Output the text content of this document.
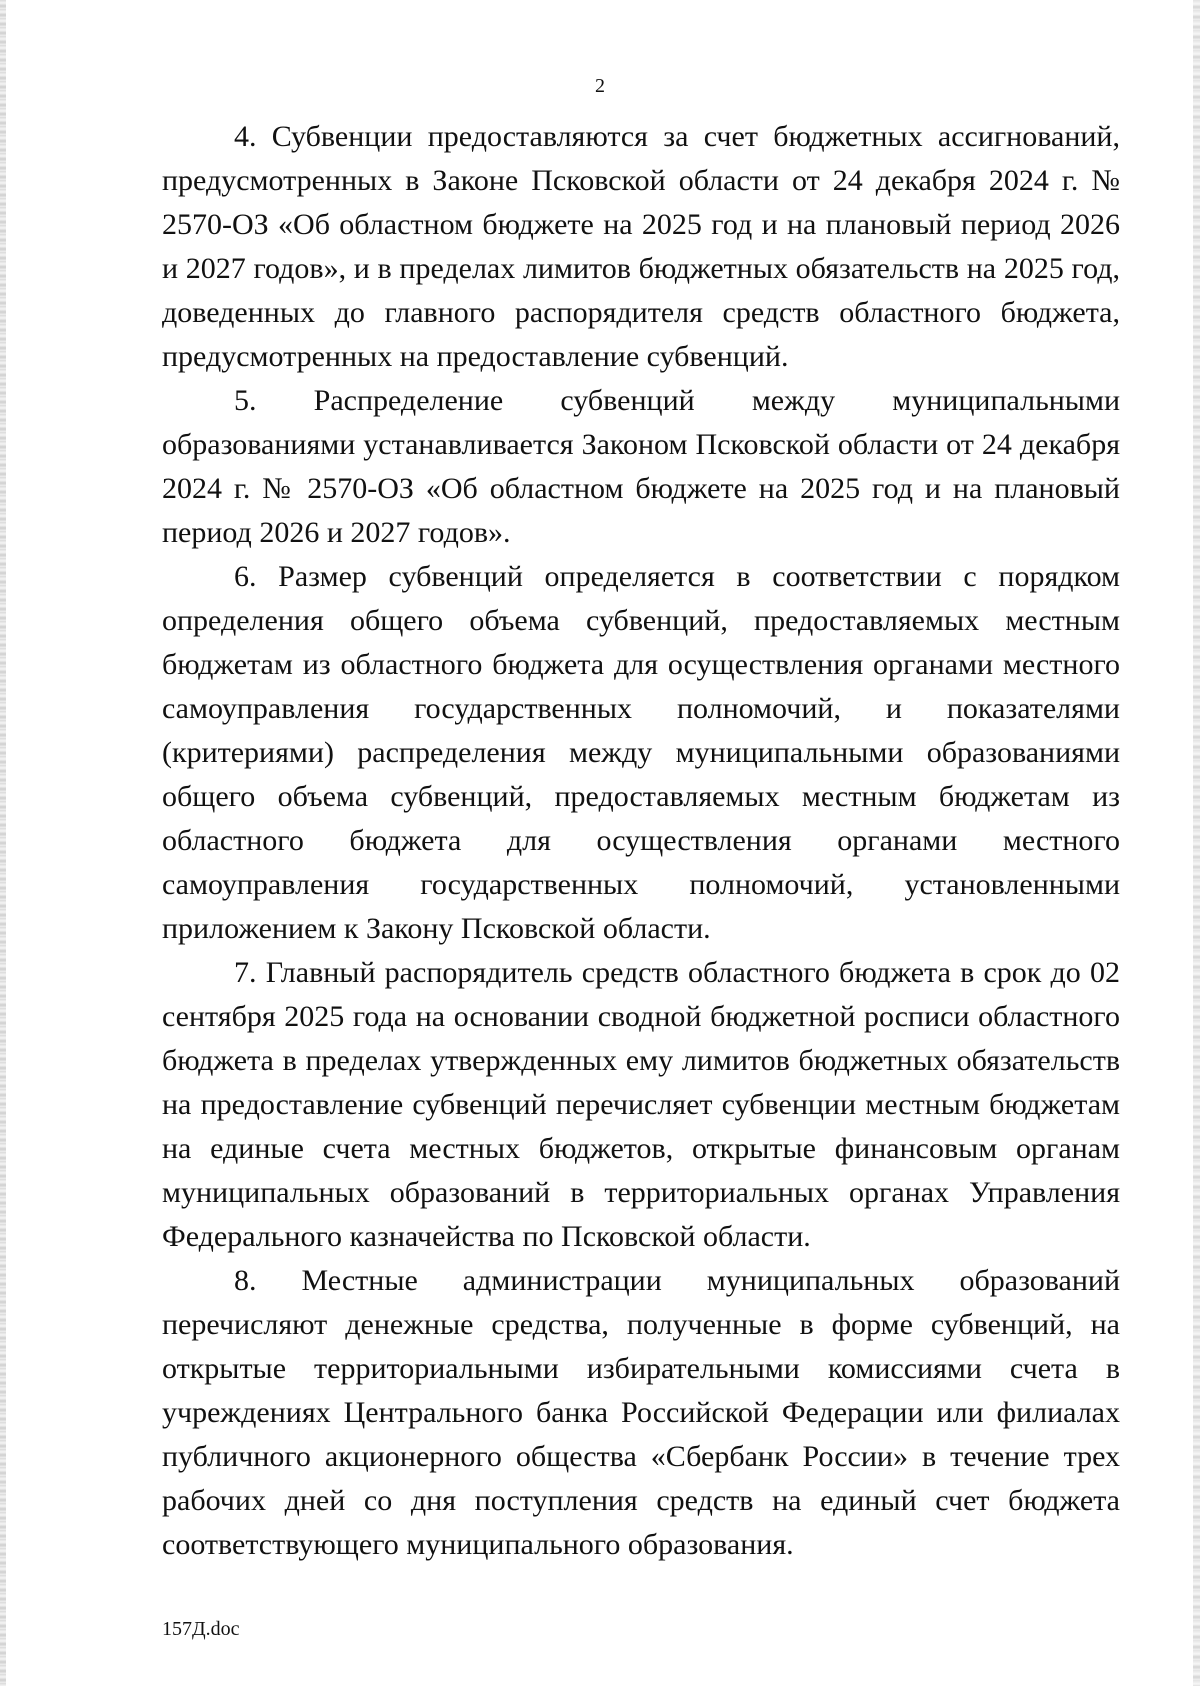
2

4. Субвенции предоставляются за счет бюджетных ассигнований, предусмотренных в Законе Псковской области от 24 декабря 2024 г. № 2570-ОЗ «Об областном бюджете на 2025 год и на плановый период 2026 и 2027 годов», и в пределах лимитов бюджетных обязательств на 2025 год, доведенных до главного распорядителя средств областного бюджета, предусмотренных на предоставление субвенций.

5. Распределение субвенций между муниципальными образованиями устанавливается Законом Псковской области от 24 декабря 2024 г. № 2570-ОЗ «Об областном бюджете на 2025 год и на плановый период 2026 и 2027 годов».

6. Размер субвенций определяется в соответствии с порядком определения общего объема субвенций, предоставляемых местным бюджетам из областного бюджета для осуществления органами местного самоуправления государственных полномочий, и показателями (критериями) распределения между муниципальными образованиями общего объема субвенций, предоставляемых местным бюджетам из областного бюджета для осуществления органами местного самоуправления государственных полномочий, установленными приложением к Закону Псковской области.

7. Главный распорядитель средств областного бюджета в срок до 02 сентября 2025 года на основании сводной бюджетной росписи областного бюджета в пределах утвержденных ему лимитов бюджетных обязательств на предоставление субвенций перечисляет субвенции местным бюджетам на единые счета местных бюджетов, открытые финансовым органам муниципальных образований в территориальных органах Управления Федерального казначейства по Псковской области.

8. Местные администрации муниципальных образований перечисляют денежные средства, полученные в форме субвенций, на открытые территориальными избирательными комиссиями счета в учреждениях Центрального банка Российской Федерации или филиалах публичного акционерного общества «Сбербанк России» в течение трех рабочих дней со дня поступления средств на единый счет бюджета соответствующего муниципального образования.

157Д.doc
